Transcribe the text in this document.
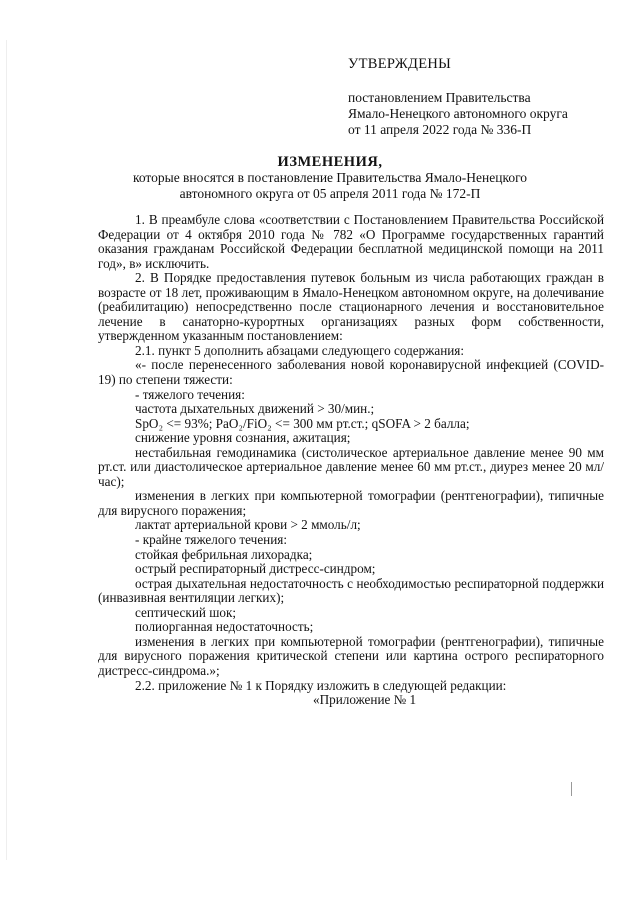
УТВЕРЖДЕНЫ
постановлением Правительства
Ямало-Ненецкого автономного округа
от 11 апреля 2022 года № 336-П
ИЗМЕНЕНИЯ,
которые вносятся в постановление Правительства Ямало-Ненецкого
автономного округа от 05 апреля 2011 года № 172-П

1. В преамбуле слова «соответствии с Постановлением Правительства Российской Федерации от 4 октября 2010 года № 782 «О Программе государственных гарантий оказания гражданам Российской Федерации бесплатной медицинской помощи на 2011 год», в» исключить.

2. В Порядке предоставления путевок больным из числа работающих граждан в возрасте от 18 лет, проживающим в Ямало-Ненецком автономном округе, на долечивание (реабилитацию) непосредственно после стационарного лечения и восстановительное лечение в санаторно-курортных организациях разных форм собственности, утвержденном указанным постановлением:

2.1. пункт 5 дополнить абзацами следующего содержания:

«- после перенесенного заболевания новой коронавирусной инфекцией (COVID-19) по степени тяжести:

- тяжелого течения:

частота дыхательных движений > 30/мин.;

SpO₂ <= 93%; PaO₂/FiO₂ <= 300 мм рт.ст.; qSOFA > 2 балла;

снижение уровня сознания, ажитация;

нестабильная гемодинамика (систолическое артериальное давление менее 90 мм рт.ст. или диастолическое артериальное давление менее 60 мм рт.ст., диурез менее 20 мл/час);

изменения в легких при компьютерной томографии (рентгенографии), типичные для вирусного поражения;

лактат артериальной крови > 2 ммоль/л;

- крайне тяжелого течения:

стойкая фебрильная лихорадка;

острый респираторный дистресс-синдром;

острая дыхательная недостаточность с необходимостью респираторной поддержки (инвазивная вентиляции легких);

септический шок;

полиорганная недостаточность;

изменения в легких при компьютерной томографии (рентгенографии), типичные для вирусного поражения критической степени или картина острого респираторного дистресс-синдрома.»;

2.2. приложение № 1 к Порядку изложить в следующей редакции:

«Приложение № 1
